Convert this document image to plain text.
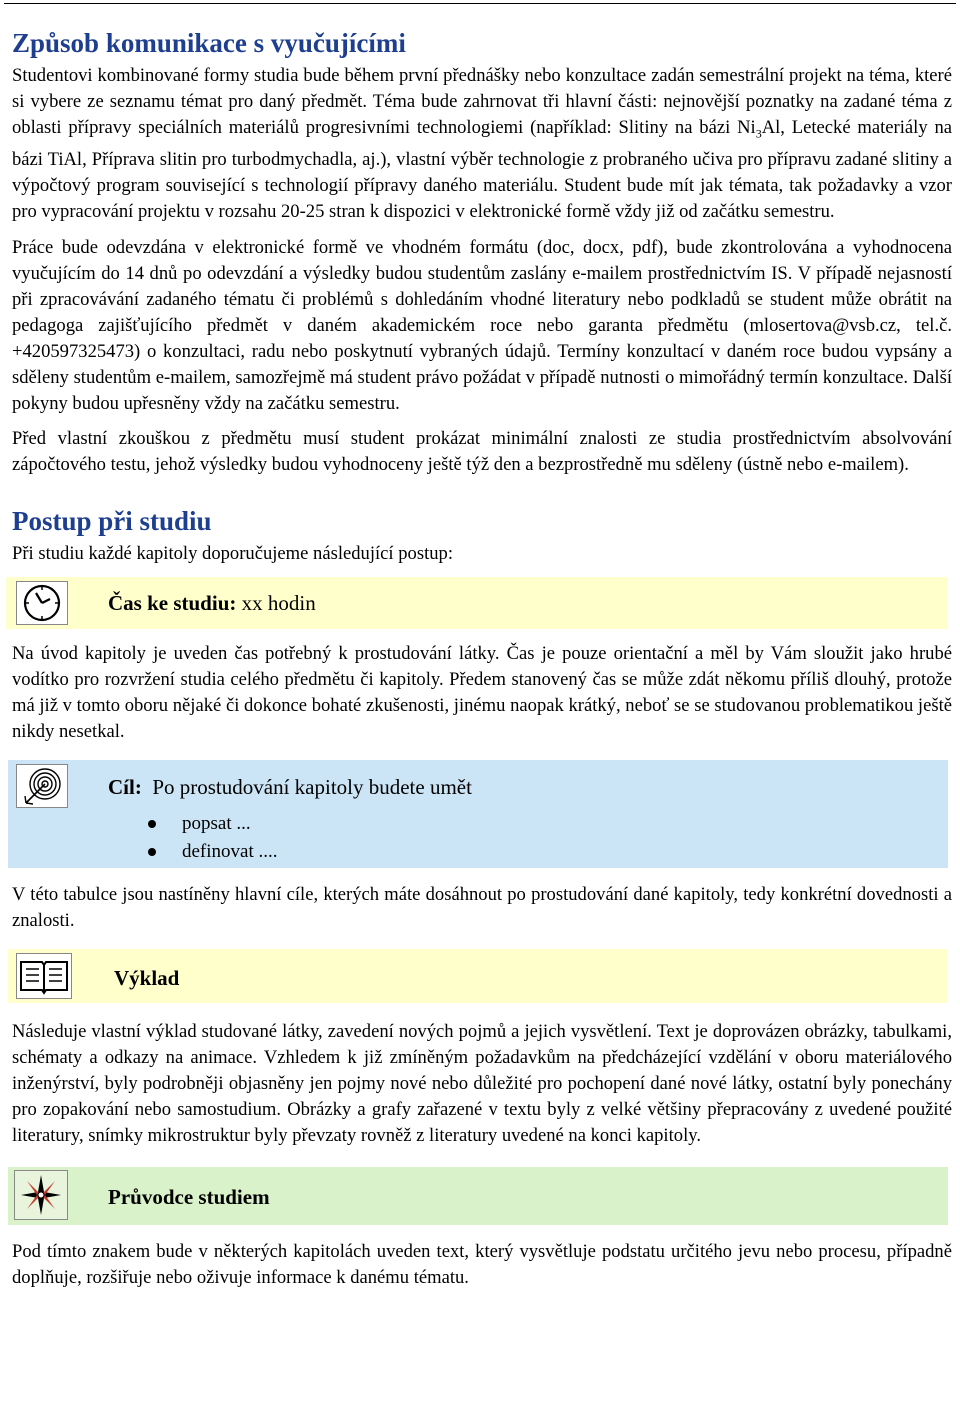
Způsob komunikace s vyučujícími

Studentovi kombinované formy studia bude během první přednášky nebo konzultace zadán semestrální projekt na téma, které si vybere ze seznamu témat pro daný předmět. Téma bude zahrnovat tři hlavní části: nejnovější poznatky na zadané téma z oblasti přípravy speciálních materiálů progresivními technologiemi (například: Slitiny na bázi $Ni_3Al$, Letecké materiály na bázi TiAl, Příprava slitin pro turbodmychadla, aj.), vlastní výběr technologie z probraného učiva pro přípravu zadané slitiny a výpočtový program související s technologií přípravy daného materiálu. Student bude mít jak témata, tak požadavky a vzor pro vypracování projektu v rozsahu 20-25 stran k dispozici v elektronické formě vždy již od začátku semestru.

Práce bude odevzdána v elektronické formě ve vhodném formátu (doc, docx, pdf), bude zkontrolována a vyhodnocena vyučujícím do 14 dnů po odevzdání a výsledky budou studentům zaslány e-mailem prostřednictvím IS. V případě nejasností při zpracovávání zadaného tématu či problémů s dohledáním vhodné literatury nebo podkladů se student může obrátit na pedagoga zajišťujícího předmět v daném akademickém roce nebo garanta předmětu (mlosertova@vsb.cz, tel.č. +420597325473) o konzultaci, radu nebo poskytnutí vybraných údajů. Termíny konzultací v daném roce budou vypsány a sděleny studentům e-mailem, samozřejmě má student právo požádat v případě nutnosti o mimořádný termín konzultace. Další pokyny budou upřesněny vždy na začátku semestru.

Před vlastní zkouškou z předmětu musí student prokázat minimální znalosti ze studia prostřednictvím absolvování zápočtového testu, jehož výsledky budou vyhodnoceny ještě týž den a bezprostředně mu sděleny (ústně nebo e-mailem).

Postup při studiu

Při studiu každé kapitoly doporučujeme následující postup:

Čas ke studiu: xx hodin

Na úvod kapitoly je uveden čas potřebný k prostudování látky. Čas je pouze orientační a měl by Vám sloužit jako hrubé vodítko pro rozvržení studia celého předmětu či kapitoly. Předem stanovený čas se může zdát někomu příliš dlouhý, protože má již v tomto oboru nějaké či dokonce bohaté zkušenosti, jinému naopak krátký, neboť se se studovanou problematikou ještě nikdy nesetkal.

Cíl: Po prostudování kapitoly budete umět
popsat ...
definovat ....

V této tabulce jsou nastíněny hlavní cíle, kterých máte dosáhnout po prostudování dané kapitoly, tedy konkrétní dovednosti a znalosti.

Výklad

Následuje vlastní výklad studované látky, zavedení nových pojmů a jejich vysvětlení. Text je doprovázen obrázky, tabulkami, schématy a odkazy na animace. Vzhledem k již zmíněným požadavkům na předcházející vzdělání v oboru materiálového inženýrství, byly podrobněji objasněny jen pojmy nové nebo důležité pro pochopení dané nové látky, ostatní byly ponechány pro zopakování nebo samostudium. Obrázky a grafy zařazené v textu byly z velké většiny přepracovány z uvedené použité literatury, snímky mikrostruktur byly převzaty rovněž z literatury uvedené na konci kapitoly.

Průvodce studiem

Pod tímto znakem bude v některých kapitolách uveden text, který vysvětluje podstatu určitého jevu nebo procesu, případně doplňuje, rozšiřuje nebo oživuje informace k danému tématu.
